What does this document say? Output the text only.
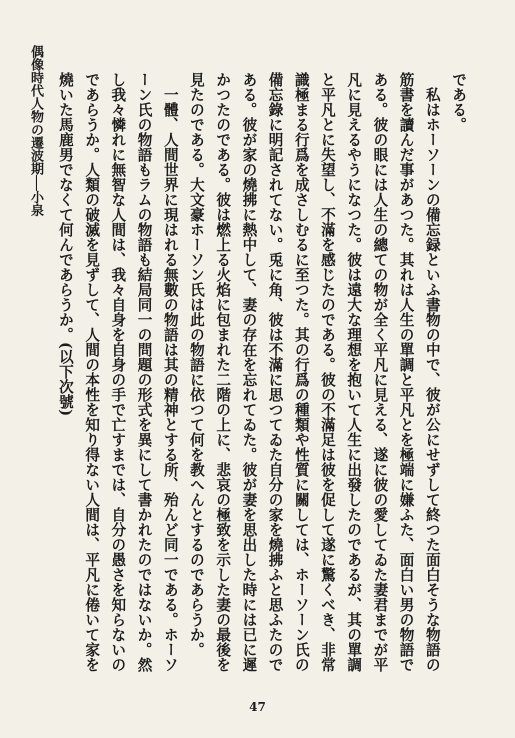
偶像時代人物の遷波期──小泉	である。

私はホーソーンの備忘録といふ書物の中で、彼が公にせずして終つた面白そうな物語の筋書を讀んだ事があつた。其れは人生の單調と平凡とを極端に嫌ふた、面白い男の物語である。彼の眼には人生の總ての物が全く平凡に見える、遂に彼の愛してゐた妻君までが平凡に見えるやうになつた。彼は遠大な理想を抱いて人生に出發したのであるが、其の單調と平凡とに失望し、不滿を感じたのである。彼の不滿足は彼を促して遂に驚くべき、非常識極まる行爲を成さしむるに至つた。其の行爲の種類や性質に關しては、ホーソーン氏の備忘錄に明記されてない。兎に角、彼は不滿に思つてゐた自分の家を燒拂ふと思ふたのである。彼が家の燒拂に熱中して、妻の存在を忘れてゐた。彼が妻を思出した時には已に遲かつたのである。彼は燃上る火焰に包まれた二階の上に、悲哀の極致を示した妻の最後を見たのである。大文豪ホーソン氏は此の物語に依つて何を教へんとするのであらうか。

一體、人間世界に現はれる無數の物語は其の精神とする所、殆んど同一である。ホーソーン氏の物語もラムの物語も結局同一の問題の形式を異にして書かれたのではないか。然し我々憐れに無智な人間は、我々自身を自身の手で亡すまでは、自分の愚さを知らないのであらうか。人類の破滅を見ずして、人間の本性を知り得ない人間は、平凡に倦いて家を燒いた馬鹿男でなくて何んであらうか。(以下次號)

47
